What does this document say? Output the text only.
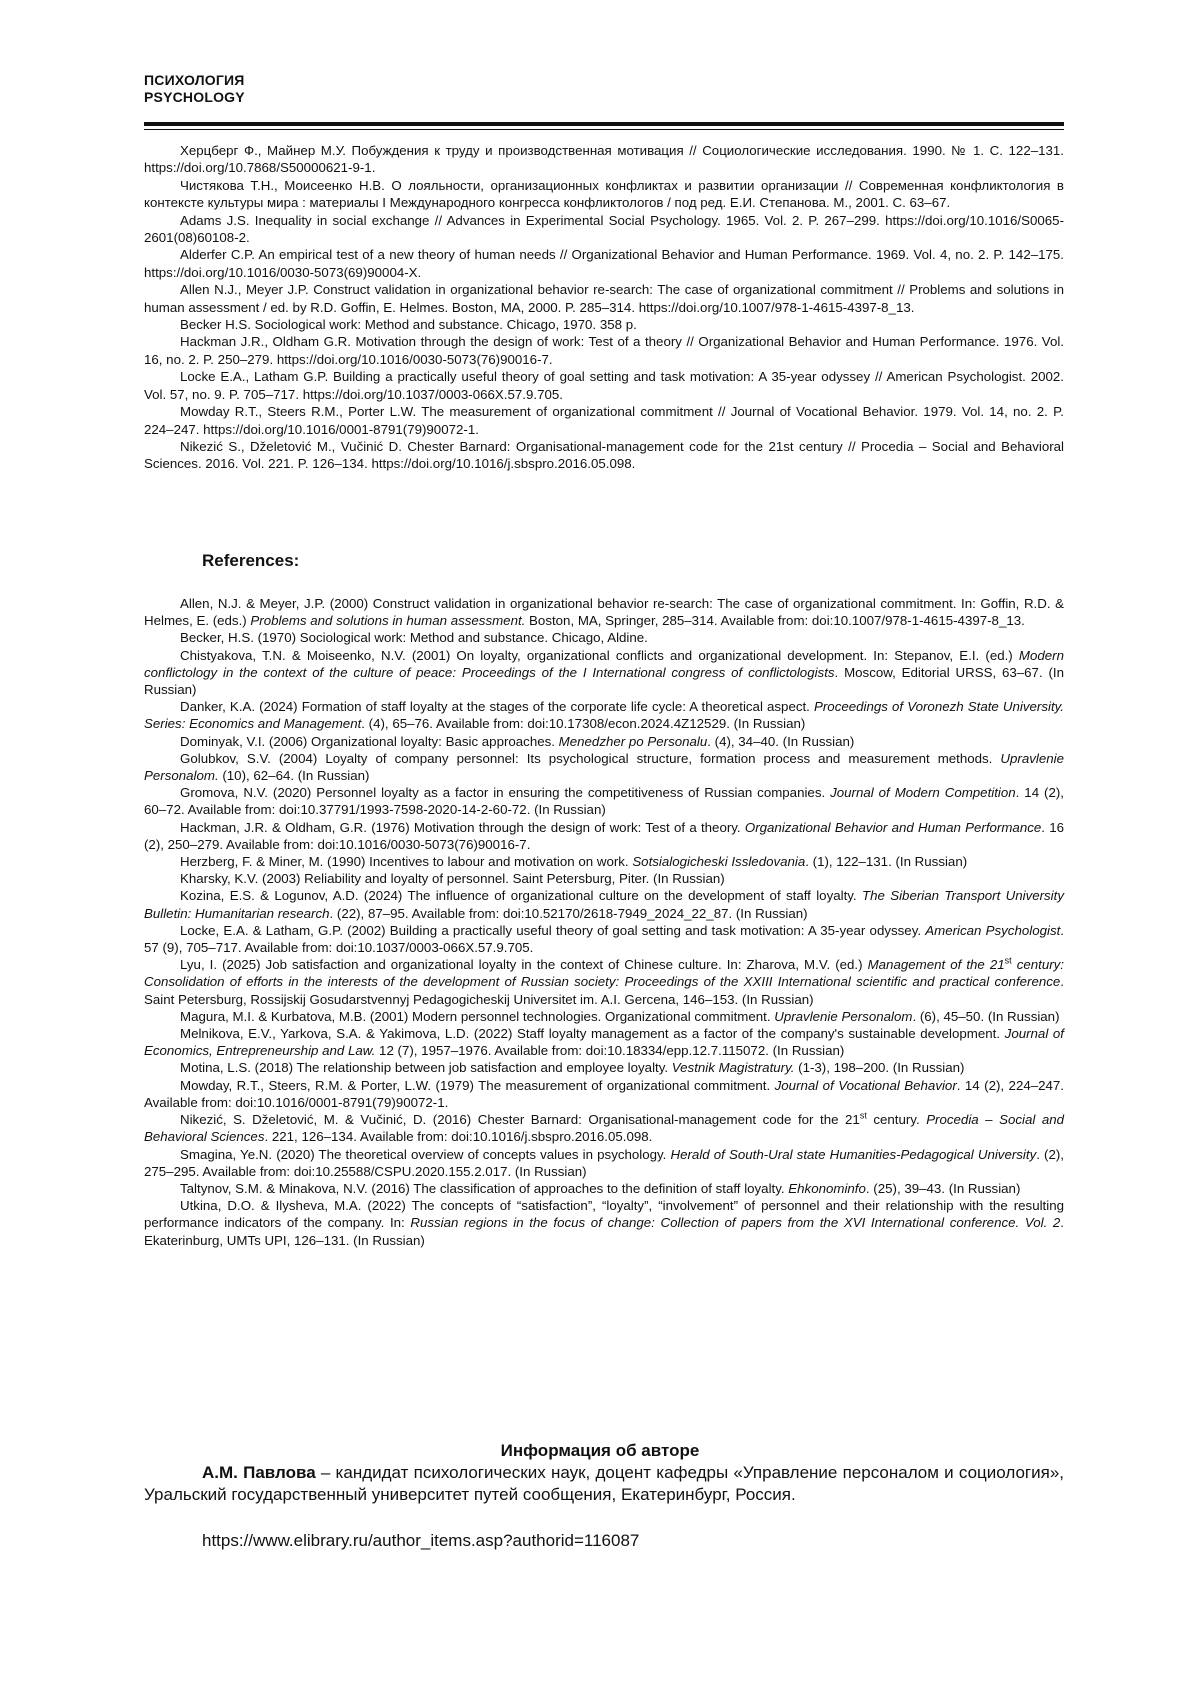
ПСИХОЛОГИЯ
PSYCHOLOGY

Херцберг Ф., Майнер М.У. Побуждения к труду и производственная мотивация // Социологические исследования. 1990. № 1. С. 122–131. https://doi.org/10.7868/S50000621-9-1.

Чистякова Т.Н., Моисеенко Н.В. О лояльности, организационных конфликтах и развитии организации // Современная конфликтология в контексте культуры мира : материалы I Международного конгресса конфликтологов / под ред. Е.И. Степанова. М., 2001. С. 63–67.

Adams J.S. Inequality in social exchange // Advances in Experimental Social Psychology. 1965. Vol. 2. P. 267–299. https://doi.org/10.1016/S0065-2601(08)60108-2.

Alderfer C.P. An empirical test of a new theory of human needs // Organizational Behavior and Human Performance. 1969. Vol. 4, no. 2. P. 142–175. https://doi.org/10.1016/0030-5073(69)90004-X.

Allen N.J., Meyer J.P. Construct validation in organizational behavior re-search: The case of organizational commitment // Problems and solutions in human assessment / ed. by R.D. Goffin, E. Helmes. Boston, MA, 2000. P. 285–314. https://doi.org/10.1007/978-1-4615-4397-8_13.

Becker H.S. Sociological work: Method and substance. Chicago, 1970. 358 p.

Hackman J.R., Oldham G.R. Motivation through the design of work: Test of a theory // Organizational Behavior and Human Performance. 1976. Vol. 16, no. 2. P. 250–279. https://doi.org/10.1016/0030-5073(76)90016-7.

Locke E.A., Latham G.P. Building a practically useful theory of goal setting and task motivation: A 35-year odyssey // American Psychologist. 2002. Vol. 57, no. 9. P. 705–717. https://doi.org/10.1037/0003-066X.57.9.705.

Mowday R.T., Steers R.M., Porter L.W. The measurement of organizational commitment // Journal of Vocational Behavior. 1979. Vol. 14, no. 2. P. 224–247. https://doi.org/10.1016/0001-8791(79)90072-1.

Nikezić S., Dželetović M., Vučinić D. Chester Barnard: Organisational-management code for the 21st century // Procedia – Social and Behavioral Sciences. 2016. Vol. 221. P. 126–134. https://doi.org/10.1016/j.sbspro.2016.05.098.

References:

Allen, N.J. & Meyer, J.P. (2000) Construct validation in organizational behavior re-search: The case of organizational commitment. In: Goffin, R.D. & Helmes, E. (eds.) Problems and solutions in human assessment. Boston, MA, Springer, 285–314. Available from: doi:10.1007/978-1-4615-4397-8_13.

Becker, H.S. (1970) Sociological work: Method and substance. Chicago, Aldine.

Chistyakova, T.N. & Moiseenko, N.V. (2001) On loyalty, organizational conflicts and organizational development. In: Stepanov, E.I. (ed.) Modern conflictology in the context of the culture of peace: Proceedings of the I International congress of conflictologists. Moscow, Editorial URSS, 63–67. (In Russian)

Danker, K.A. (2024) Formation of staff loyalty at the stages of the corporate life cycle: A theoretical aspect. Proceedings of Voronezh State University. Series: Economics and Management. (4), 65–76. Available from: doi:10.17308/econ.2024.4Z12529. (In Russian)

Dominyak, V.I. (2006) Organizational loyalty: Basic approaches. Menedzher po Personalu. (4), 34–40. (In Russian)

Golubkov, S.V. (2004) Loyalty of company personnel: Its psychological structure, formation process and measurement methods. Upravlenie Personalom. (10), 62–64. (In Russian)

Gromova, N.V. (2020) Personnel loyalty as a factor in ensuring the competitiveness of Russian companies. Journal of Modern Competition. 14 (2), 60–72. Available from: doi:10.37791/1993-7598-2020-14-2-60-72. (In Russian)

Hackman, J.R. & Oldham, G.R. (1976) Motivation through the design of work: Test of a theory. Organizational Behavior and Human Performance. 16 (2), 250–279. Available from: doi:10.1016/0030-5073(76)90016-7.

Herzberg, F. & Miner, M. (1990) Incentives to labour and motivation on work. Sotsialogicheski Issledovania. (1), 122–131. (In Russian)

Kharsky, K.V. (2003) Reliability and loyalty of personnel. Saint Petersburg, Piter. (In Russian)

Kozina, E.S. & Logunov, A.D. (2024) The influence of organizational culture on the development of staff loyalty. The Siberian Transport University Bulletin: Humanitarian research. (22), 87–95. Available from: doi:10.52170/2618-7949_2024_22_87. (In Russian)

Locke, E.A. & Latham, G.P. (2002) Building a practically useful theory of goal setting and task motivation: A 35-year odyssey. American Psychologist. 57 (9), 705–717. Available from: doi:10.1037/0003-066X.57.9.705.

Lyu, I. (2025) Job satisfaction and organizational loyalty in the context of Chinese culture. In: Zharova, M.V. (ed.) Management of the 21st century: Consolidation of efforts in the interests of the development of Russian society: Proceedings of the XXIII International scientific and practical conference. Saint Petersburg, Rossijskij Gosudarstvennyj Pedagogicheskij Universitet im. A.I. Gercena, 146–153. (In Russian)

Magura, M.I. & Kurbatova, M.B. (2001) Modern personnel technologies. Organizational commitment. Upravlenie Personalom. (6), 45–50. (In Russian)

Melnikova, E.V., Yarkova, S.A. & Yakimova, L.D. (2022) Staff loyalty management as a factor of the company's sustainable development. Journal of Economics, Entrepreneurship and Law. 12 (7), 1957–1976. Available from: doi:10.18334/epp.12.7.115072. (In Russian)

Motina, L.S. (2018) The relationship between job satisfaction and employee loyalty. Vestnik Magistratury. (1-3), 198–200. (In Russian)

Mowday, R.T., Steers, R.M. & Porter, L.W. (1979) The measurement of organizational commitment. Journal of Vocational Behavior. 14 (2), 224–247. Available from: doi:10.1016/0001-8791(79)90072-1.

Nikezić, S. Dželetović, M. & Vučinić, D. (2016) Chester Barnard: Organisational-management code for the 21st century. Procedia – Social and Behavioral Sciences. 221, 126–134. Available from: doi:10.1016/j.sbspro.2016.05.098.

Smagina, Ye.N. (2020) The theoretical overview of concepts values in psychology. Herald of South-Ural state Humanities-Pedagogical University. (2), 275–295. Available from: doi:10.25588/CSPU.2020.155.2.017. (In Russian)

Taltynov, S.M. & Minakova, N.V. (2016) The classification of approaches to the definition of staff loyalty. Ehkonominfo. (25), 39–43. (In Russian)

Utkina, D.O. & Ilysheva, M.A. (2022) The concepts of “satisfaction”, “loyalty”, “involvement” of personnel and their relationship with the resulting performance indicators of the company. In: Russian regions in the focus of change: Collection of papers from the XVI International conference. Vol. 2. Ekaterinburg, UMTs UPI, 126–131. (In Russian)

Информация об авторе

А.М. Павлова – кандидат психологических наук, доцент кафедры «Управление персоналом и социология», Уральский государственный университет путей сообщения, Екатеринбург, Россия.

https://www.elibrary.ru/author_items.asp?authorid=116087
